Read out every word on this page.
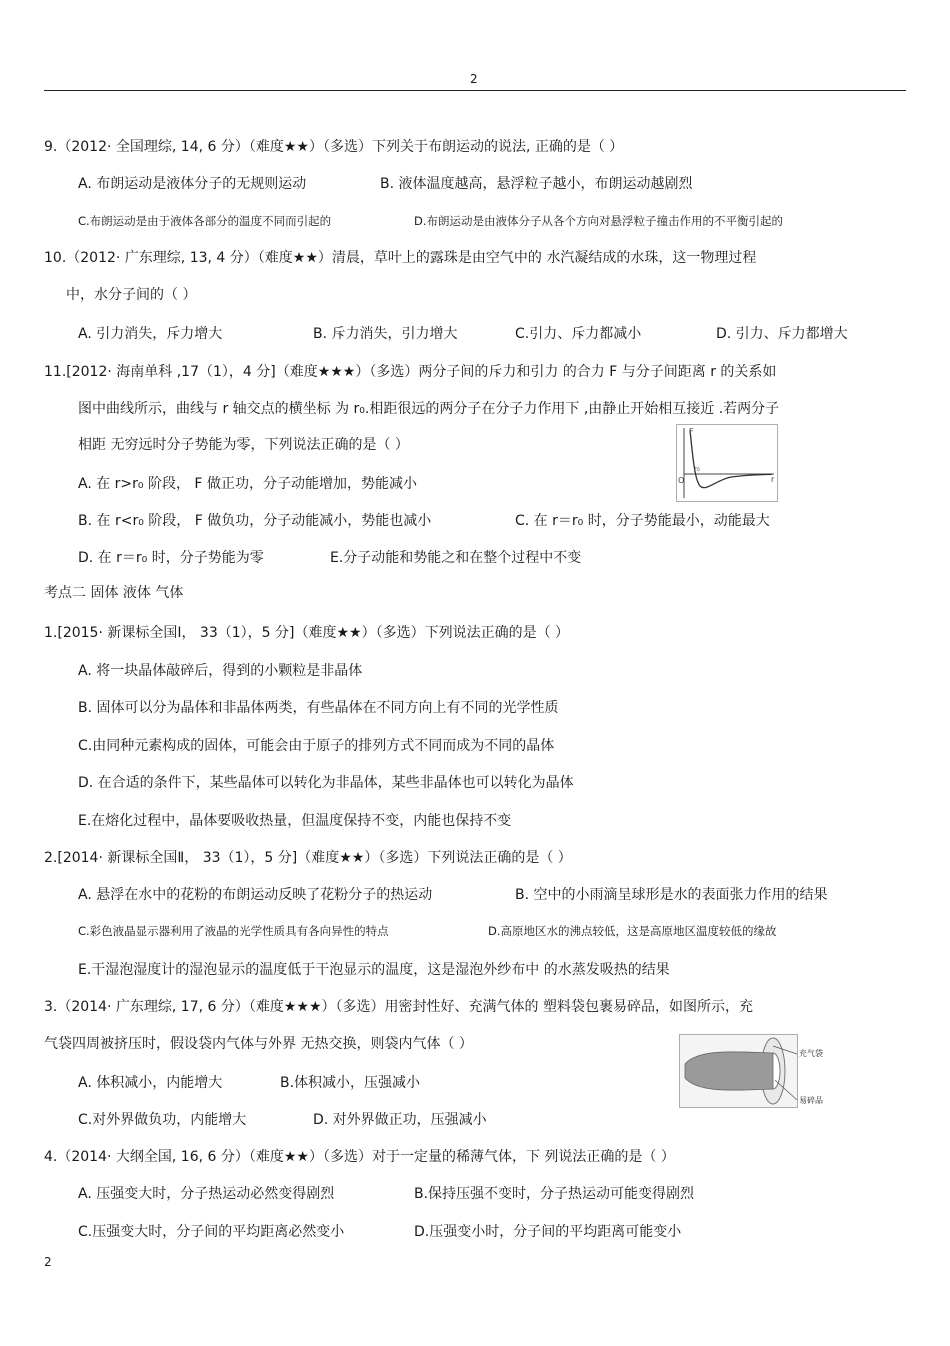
2
9.（2012· 全国理综, 14, 6 分）（难度★★）（多选）下列关于布朗运动的说法, 正确的是（ ）
A. 布朗运动是液体分子的无规则运动	B. 液体温度越高，悬浮粒子越小，布朗运动越剧烈
C.布朗运动是由于液体各部分的温度不同而引起的	D.布朗运动是由液体分子从各个方向对悬浮粒子撞击作用的不平衡引起的
10.（2012· 广东理综, 13, 4 分）（难度★★）清晨，草叶上的露珠是由空气中的 水汽凝结成的水珠，这一物理过程
中，水分子间的（ ）
A. 引力消失，斥力增大	B. 斥力消失，引力增大	C.引力、斥力都减小	D. 引力、斥力都增大
11.[2012· 海南单科 ,17（1），4 分]（难度★★★）（多选）两分子间的斥力和引力 的合力 F 与分子间距离 r 的关系如
图中曲线所示，曲线与 r 轴交点的横坐标 为 r₀.相距很远的两分子在分子力作用下 ,由静止开始相互接近 .若两分子
相距 无穷远时分子势能为零，下列说法正确的是（ ）
F
O
r₀
r
A. 在 r>r₀ 阶段， F 做正功，分子动能增加，势能减小
B. 在 r<r₀ 阶段， F 做负功，分子动能减小，势能也减小	C. 在 r＝r₀ 时，分子势能最小，动能最大
D. 在 r＝r₀ 时，分子势能为零	E.分子动能和势能之和在整个过程中不变
考点二 固体 液体 气体
1.[2015· 新课标全国Ⅰ， 33（1），5 分]（难度★★）（多选）下列说法正确的是（ ）
A. 将一块晶体敲碎后，得到的小颗粒是非晶体
B. 固体可以分为晶体和非晶体两类，有些晶体在不同方向上有不同的光学性质
C.由同种元素构成的固体，可能会由于原子的排列方式不同而成为不同的晶体
D. 在合适的条件下，某些晶体可以转化为非晶体，某些非晶体也可以转化为晶体
E.在熔化过程中，晶体要吸收热量，但温度保持不变，内能也保持不变
2.[2014· 新课标全国Ⅱ， 33（1），5 分]（难度★★）（多选）下列说法正确的是（ ）
A. 悬浮在水中的花粉的布朗运动反映了花粉分子的热运动	B. 空中的小雨滴呈球形是水的表面张力作用的结果
C.彩色液晶显示器利用了液晶的光学性质具有各向异性的特点	D.高原地区水的沸点较低，这是高原地区温度较低的缘故
E.干湿泡湿度计的湿泡显示的温度低于干泡显示的温度，这是湿泡外纱布中 的水蒸发吸热的结果
3.（2014· 广东理综, 17, 6 分）（难度★★★）（多选）用密封性好、充满气体的 塑料袋包裹易碎品，如图所示，充
气袋四周被挤压时，假设袋内气体与外界 无热交换，则袋内气体（ ）
充气袋
易碎品
A. 体积减小，内能增大	B.体积减小，压强减小
C.对外界做负功，内能增大	D. 对外界做正功，压强减小
4.（2014· 大纲全国, 16, 6 分）（难度★★）（多选）对于一定量的稀薄气体，下 列说法正确的是（ ）
A. 压强变大时，分子热运动必然变得剧烈	B.保持压强不变时，分子热运动可能变得剧烈
C.压强变大时，分子间的平均距离必然变小	D.压强变小时，分子间的平均距离可能变小
2
